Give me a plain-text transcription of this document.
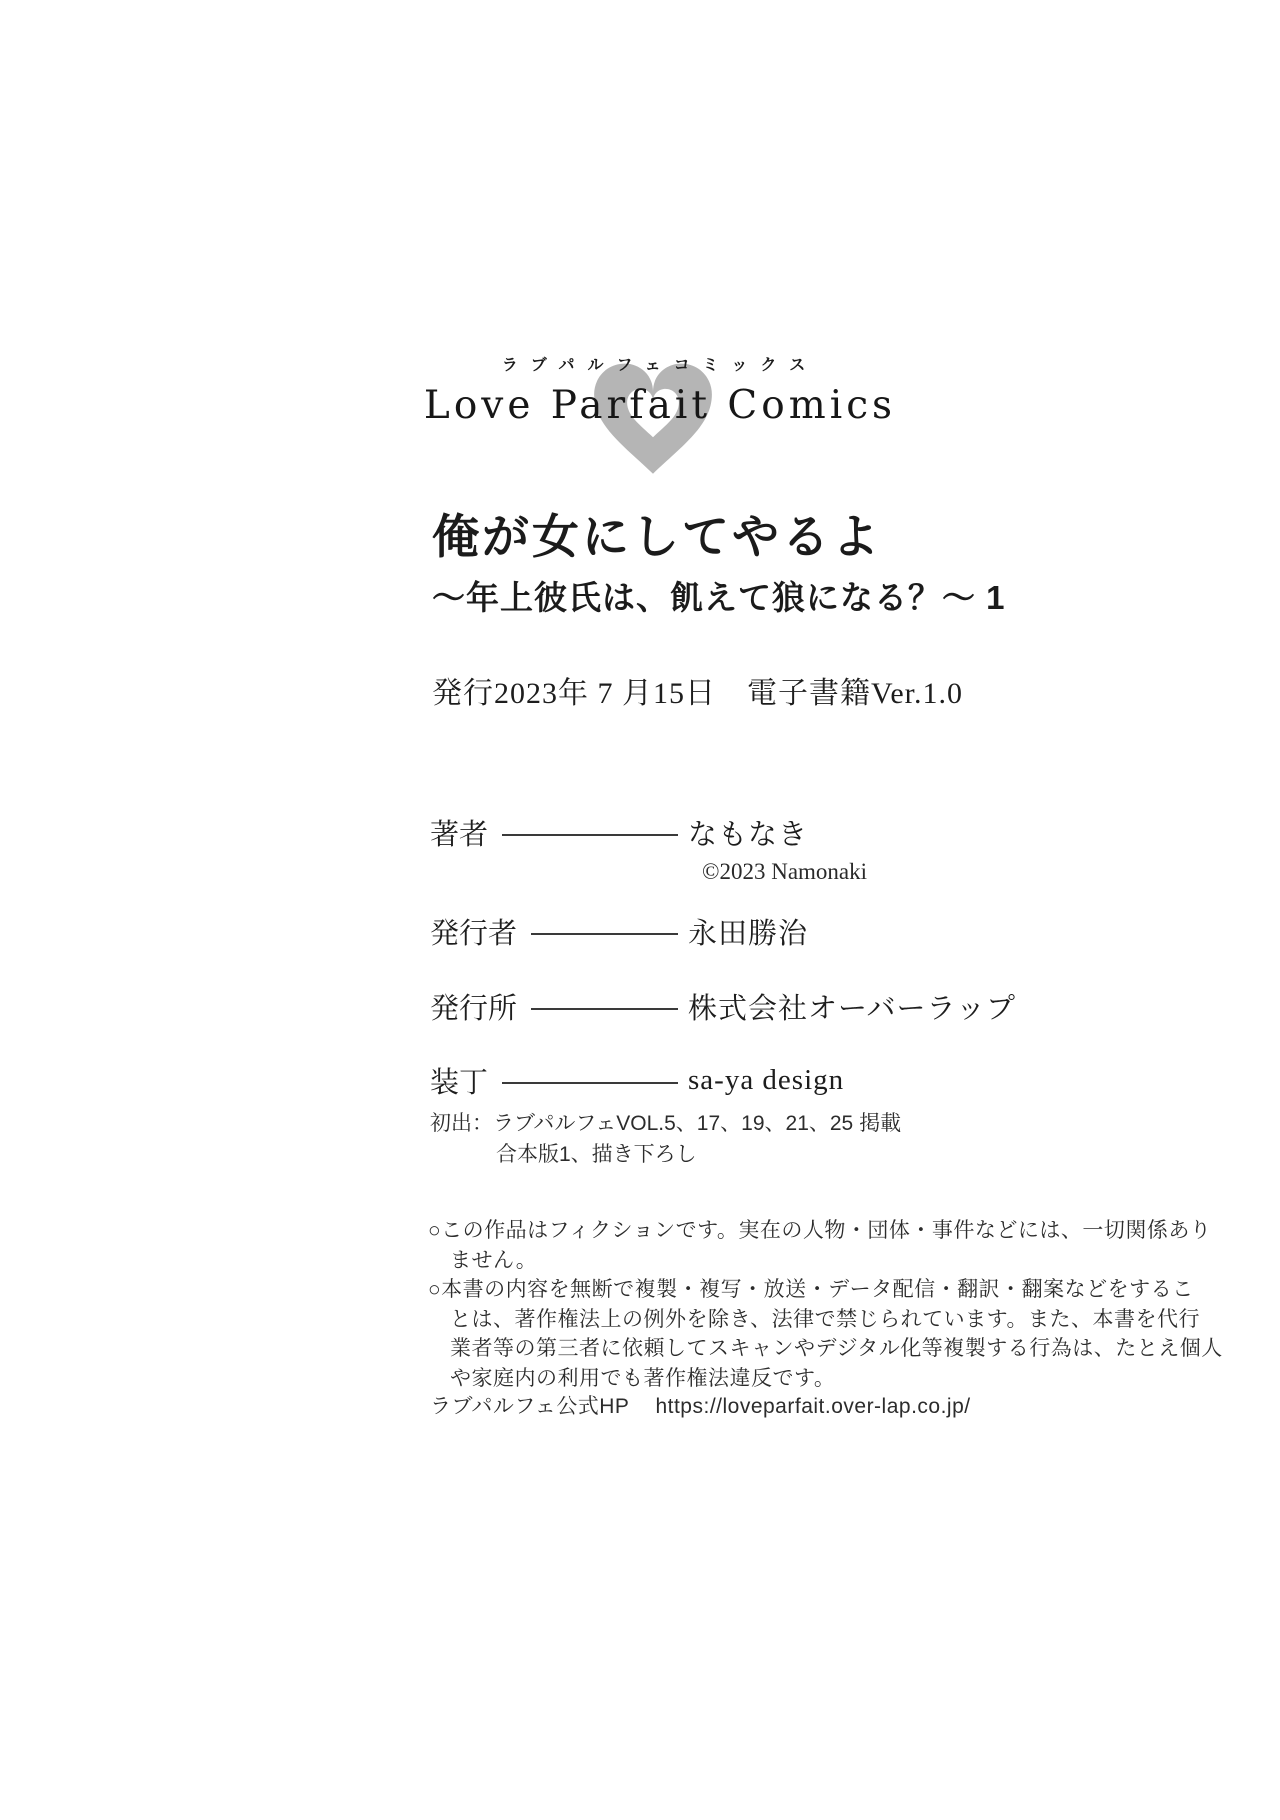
ラブパルフェコミックス
Love Parfait Comics
俺が女にしてやるよ
～年上彼氏は、飢えて狼になる？～ 1
発行2023年 7 月15日　電子書籍Ver.1.0
著者	なもなき
©2023 Namonaki
発行者	永田勝治
発行所	株式会社オーバーラップ
装丁	sa-ya design
初出：ラブパルフェVOL.5、17、19、21、25 掲載
合本版1、描き下ろし
○この作品はフィクションです。実在の人物・団体・事件などには、一切関係あり
ません。
○本書の内容を無断で複製・複写・放送・データ配信・翻訳・翻案などをするこ
とは、著作権法上の例外を除き、法律で禁じられています。また、本書を代行
業者等の第三者に依頼してスキャンやデジタル化等複製する行為は、たとえ個人
や家庭内の利用でも著作権法違反です。
ラブパルフェ公式HP https://loveparfait.over-lap.co.jp/
